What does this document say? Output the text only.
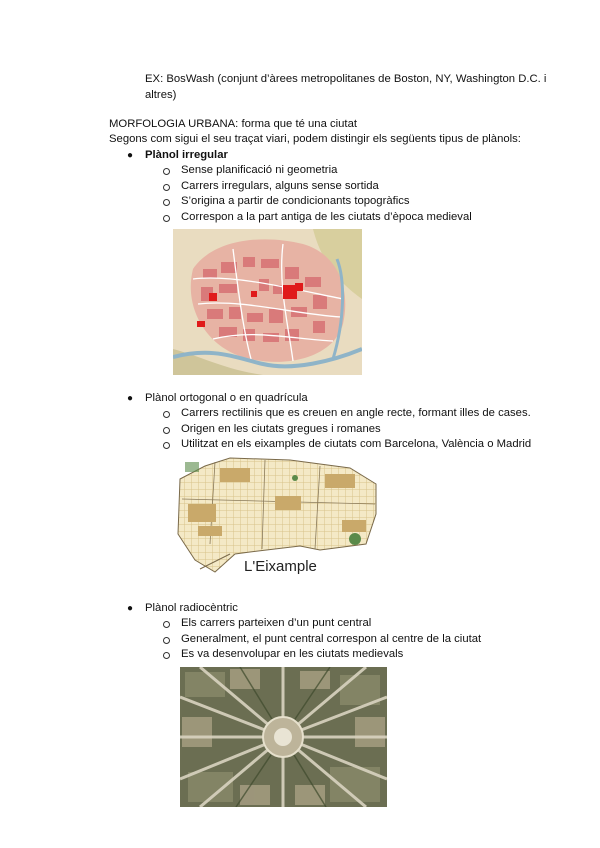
EX: BosWash (conjunt d’àrees metropolitanes de Boston, NY, Washington D.C. i
altres)
MORFOLOGIA URBANA: forma que té una ciutat
Segons com sigui el seu traçat viari, podem distingir els següents tipus de plànols:
● Plànol irregular
Sense planificació ni geometria
Carrers irregulars, alguns sense sortida
S’origina a partir de condicionants topogràfics
Correspon a la part antiga de les ciutats d’època medieval
● Plànol ortogonal o en quadrícula
Carrers rectilinis que es creuen en angle recte, formant illes de cases.
Origen en les ciutats gregues i romanes
Utilitzat en els eixamples de ciutats com Barcelona, València o Madrid
L'Eixample
● Plànol radiocèntric
Els carrers parteixen d’un punt central
Generalment, el punt central correspon al centre de la ciutat
Es va desenvolupar en les ciutats medievals
